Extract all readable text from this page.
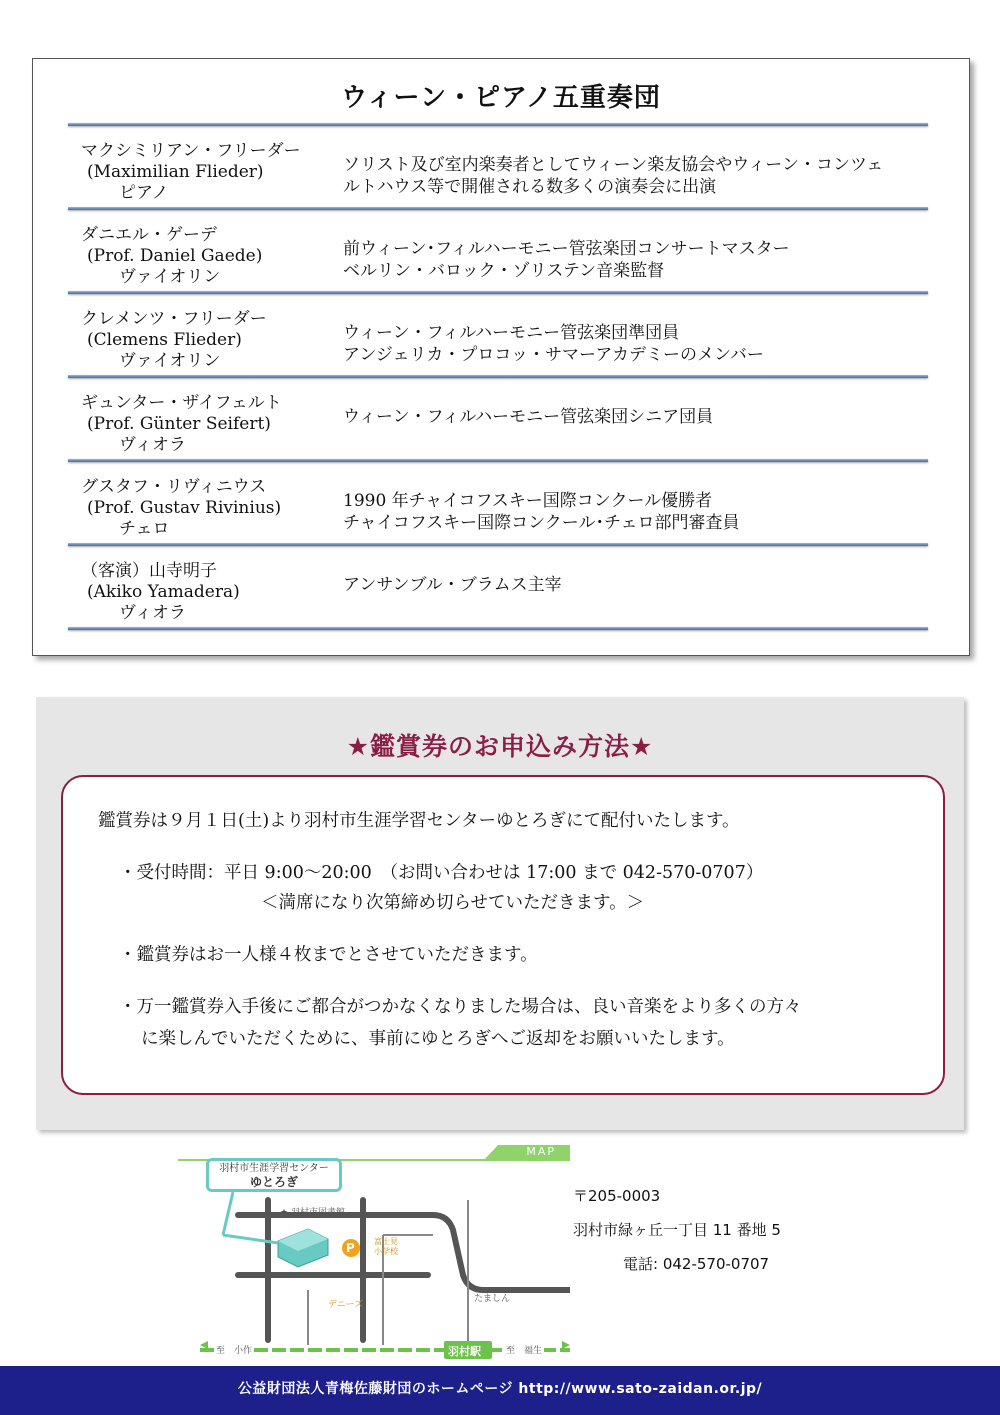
ウィーン・ピアノ五重奏団
マクシミリアン・フリーダー
(Maximilian Flieder)
ピアノ
ソリスト及び室内楽奏者としてウィーン楽友協会やウィーン・コンツェ
ルトハウス等で開催される数多くの演奏会に出演
ダニエル・ゲーデ
(Prof. Daniel Gaede)
ヴァイオリン
前ウィーン･フィルハーモニー管弦楽団コンサートマスター
ベルリン・バロック・ゾリステン音楽監督
クレメンツ・フリーダー
(Clemens Flieder)
ヴァイオリン
ウィーン・フィルハーモニー管弦楽団準団員
アンジェリカ・プロコッ・サマーアカデミーのメンバー
ギュンター・ザイフェルト
(Prof. Günter Seifert)
ヴィオラ
ウィーン・フィルハーモニー管弦楽団シニア団員
グスタフ・リヴィニウス
(Prof. Gustav Rivinius)
チェロ
1990 年チャイコフスキー国際コンクール優勝者
チャイコフスキー国際コンクール･チェロ部門審査員
（客演）山寺明子
(Akiko Yamadera)
ヴィオラ
アンサンブル・ブラムス主宰
★鑑賞券のお申込み方法★

鑑賞券は９月１日(土)より羽村市生涯学習センターゆとろぎにて配付いたします。

・受付時間：平日 9:00～20:00　（お問い合わせは 17:00 まで 042-570-0707）

＜満席になり次第締め切らせていただきます。＞

・鑑賞券はお一人様４枚までとさせていただきます。

・万一鑑賞券入手後にご都合がつかなくなりました場合は、良い音楽をより多くの方々

に楽しんでいただくために、事前にゆとろぎへご返却をお願いいたします。

MAP
羽村市生涯学習センター
ゆとろぎ
★ 羽村市図書館
P 富士見
小学校
デニーズ
たましん
羽村駅
至　小作	至　福生
〒205-0003
羽村市緑ヶ丘一丁目 11 番地 5
電話: 042-570-0707
公益財団法人青梅佐藤財団のホームページ http://www.sato-zaidan.or.jp/
